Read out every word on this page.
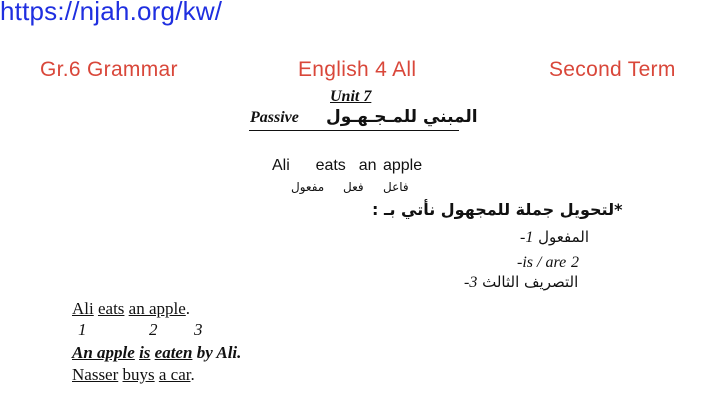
https://njah.org/kw/
Gr.6 Grammar	English 4 All	Second Term
Unit 7
Passive المبني للمـجـهـول
Ali eats an apple
فاعل
فعل
مفعول
*لتحويل جملة للمجهول نأتي بـ :
المفعول 1-
is / are 2-
التصريف الثالث 3-
Ali eats an apple.
1	2 3
An apple is eaten by Ali.
Nasser buys a car.
